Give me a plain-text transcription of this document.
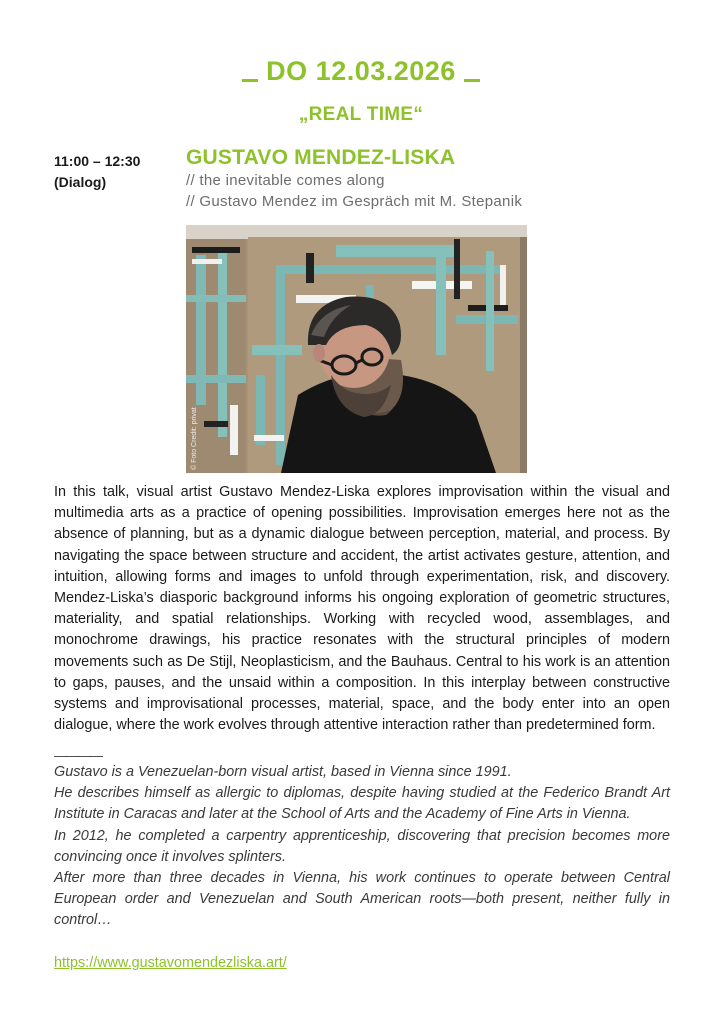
DO 12.03.2026
„REAL TIME“
11:00 – 12:30
(Dialog)
GUSTAVO MENDEZ-LISKA
// the inevitable comes along
// Gustavo Mendez im Gespräch mit M. Stepanik
© Foto Credit: privat
In this talk, visual artist Gustavo Mendez-Liska explores improvisation within the visual and multimedia arts as a practice of opening possibilities. Improvisation emerges here not as the absence of planning, but as a dynamic dialogue between perception, material, and process. By navigating the space between structure and accident, the artist activates gesture, attention, and intuition, allowing forms and images to unfold through experimentation, risk, and discovery. Mendez-Liska’s diasporic background informs his ongoing exploration of geometric structures, materiality, and spatial relationships. Working with recycled wood, assemblages, and monochrome drawings, his practice resonates with the structural principles of modern movements such as De Stijl, Neoplasticism, and the Bauhaus. Central to his work is an attention to gaps, pauses, and the unsaid within a composition. In this interplay between constructive systems and improvisational processes, material, space, and the body enter into an open dialogue, where the work evolves through attentive interaction rather than predetermined form.
————
Gustavo is a Venezuelan-born visual artist, based in Vienna since 1991.
He describes himself as allergic to diplomas, despite having studied at the Federico Brandt Art Institute in Caracas and later at the School of Arts and the Academy of Fine Arts in Vienna.
In 2012, he completed a carpentry apprenticeship, discovering that precision becomes more convincing once it involves splinters.
After more than three decades in Vienna, his work continues to operate between Central European order and Venezuelan and South American roots—both present, neither fully in control…
https://www.gustavomendezliska.art/
